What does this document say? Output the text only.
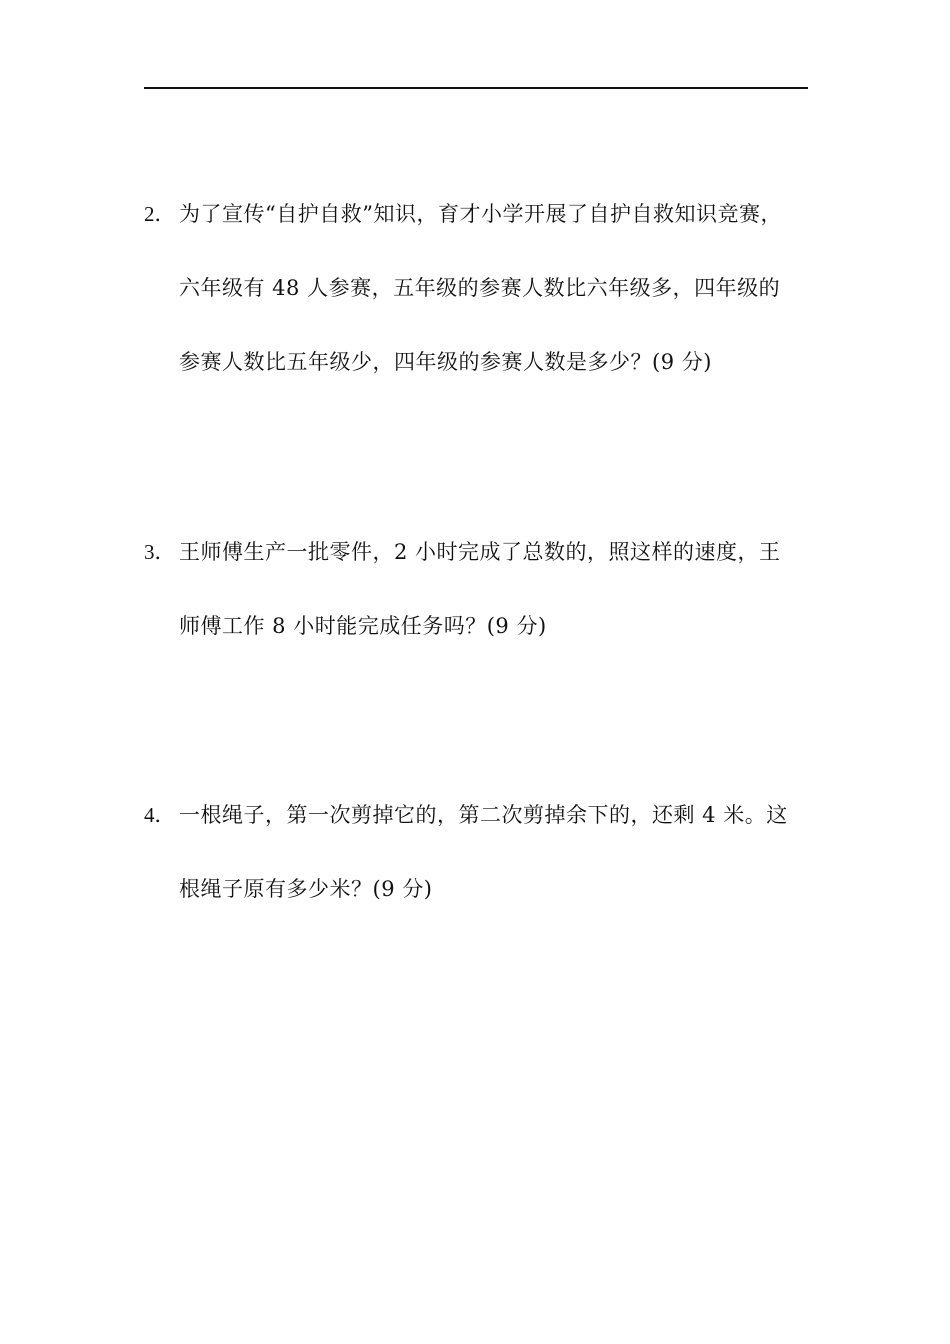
2． 为了宣传“自护自救”知识，育才小学开展了自护自救知识竞赛，
六年级有 48 人参赛，五年级的参赛人数比六年级多，四年级的
参赛人数比五年级少，四年级的参赛人数是多少？(9 分)
3． 王师傅生产一批零件，2 小时完成了总数的，照这样的速度，王
师傅工作 8 小时能完成任务吗？(9 分)
4． 一根绳子，第一次剪掉它的，第二次剪掉余下的，还剩 4 米。这
根绳子原有多少米？(9 分)
